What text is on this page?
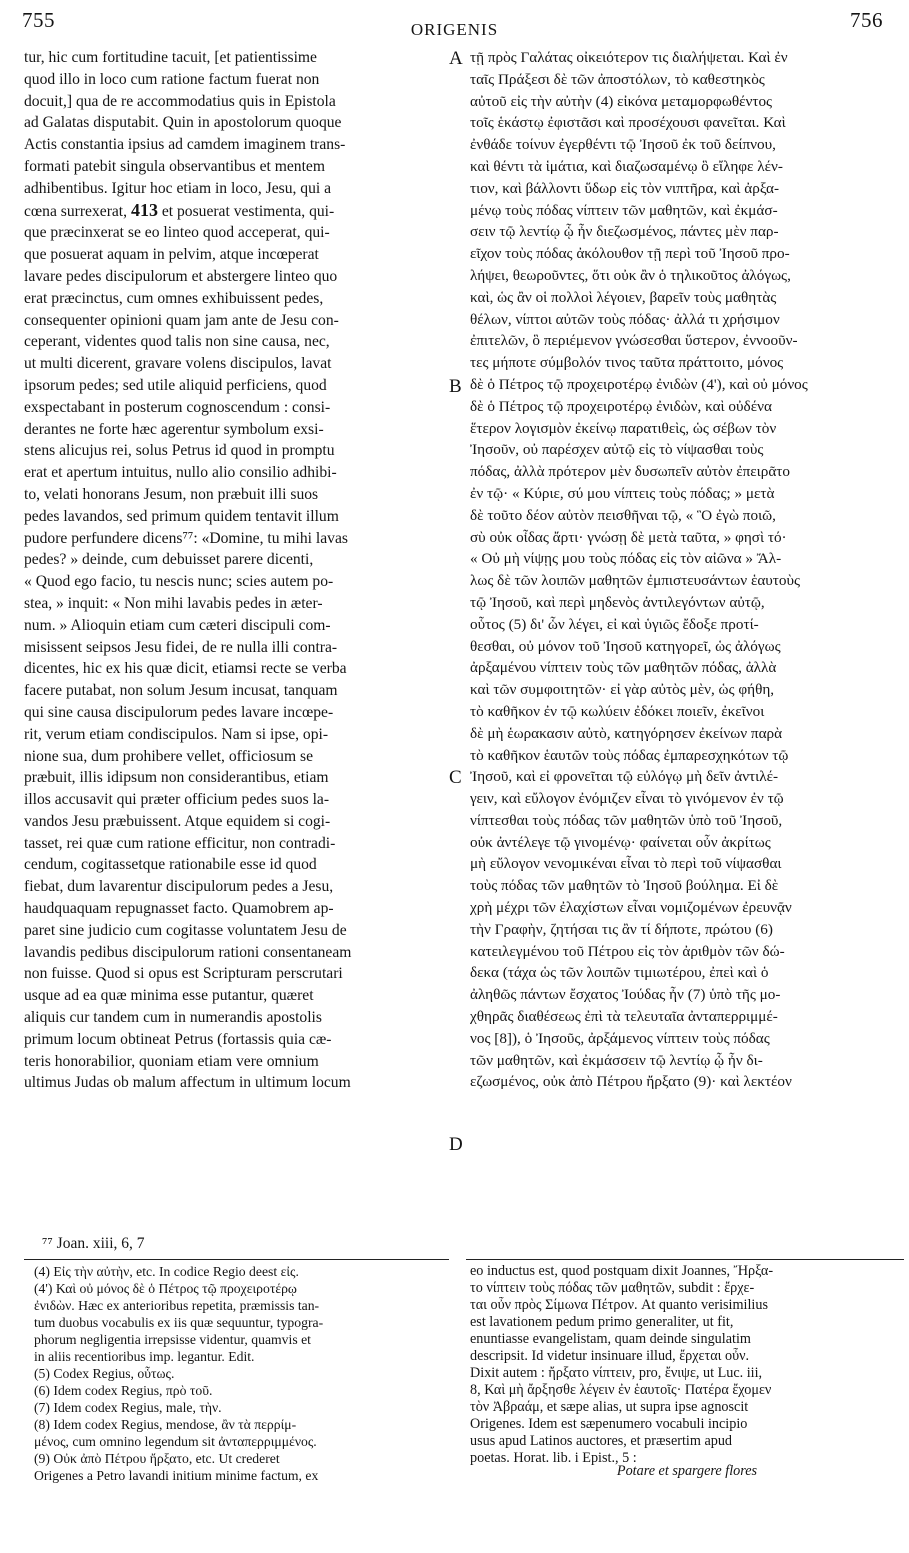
755	ORIGENIS	756
tur, hic cum fortitudine tacuit, [et patientissime
quod illo in loco cum ratione factum fuerat non
docuit,] qua de re accommodatius quis in Epistola
ad Galatas disputabit. Quin in apostolorum quoque
Actis constantia ipsius ad camdem imaginem trans-
formati patebit singula observantibus et mentem
adhibentibus. Igitur hoc etiam in loco, Jesu, qui a
cœna surrexerat, 413 et posuerat vestimenta, qui-
que præcinxerat se eo linteo quod acceperat, qui-
que posuerat aquam in pelvim, atque incœperat
lavare pedes discipulorum et abstergere linteo quo
erat præcinctus, cum omnes exhibuissent pedes,
consequenter opinioni quam jam ante de Jesu con-
ceperant, videntes quod talis non sine causa, nec,
ut multi dicerent, gravare volens discipulos, lavat
ipsorum pedes; sed utile aliquid perficiens, quod
exspectabant in posterum cognoscendum : consi-
derantes ne forte hæc agerentur symbolum exsi-
stens alicujus rei, solus Petrus id quod in promptu
erat et apertum intuitus, nullo alio consilio adhibi-
to, velati honorans Jesum, non præbuit illi suos
pedes lavandos, sed primum quidem tentavit illum
pudore perfundere dicens⁷⁷: «Domine, tu mihi lavas
pedes? » deinde, cum debuisset parere dicenti,
« Quod ego facio, tu nescis nunc; scies autem po-
stea, » inquit: « Non mihi lavabis pedes in æter-
num. » Alioquin etiam cum cæteri discipuli com-
misissent seipsos Jesu fidei, de re nulla illi contra-
dicentes, hic ex his quæ dicit, etiamsi recte se verba
facere putabat, non solum Jesum incusat, tanquam
qui sine causa discipulorum pedes lavare incœpe-
rit, verum etiam condiscipulos. Nam si ipse, opi-
nione sua, dum prohibere vellet, officiosum se
præbuit, illis idipsum non considerantibus, etiam
illos accusavit qui præter officium pedes suos la-
vandos Jesu præbuissent. Atque equidem si cogi-
tasset, rei quæ cum ratione efficitur, non contradi-
cendum, cogitassetque rationabile esse id quod
fiebat, dum lavarentur discipulorum pedes a Jesu,
haudquaquam repugnasset facto. Quamobrem ap-
paret sine judicio cum cogitasse voluntatem Jesu de
lavandis pedibus discipulorum rationi consentaneam
non fuisse. Quod si opus est Scripturam perscrutari
usque ad ea quæ minima esse putantur, quæret
aliquis cur tandem cum in numerandis apostolis
primum locum obtineat Petrus (fortassis quia cæ-
teris honorabilior, quoniam etiam vere omnium
ultimus Judas ob malum affectum in ultimum locum
τῇ πρὸς Γαλάτας οἰκειότερον τις διαλήψεται. Καὶ ἐν
ταῖς Πράξεσι δὲ τῶν ἀποστόλων, τὸ καθεστηκὸς
αὐτοῦ εἰς τὴν αὐτὴν (4) εἰκόνα μεταμορφωθέντος
τοῖς ἑκάστῳ ἐφιστᾶσι καὶ προσέχουσι φανεῖται. Καὶ
ἐνθάδε τοίνυν ἐγερθέντι τῷ Ἰησοῦ ἐκ τοῦ δείπνου,
καὶ θέντι τὰ ἱμάτια, καὶ διαζωσαμένῳ ὃ εἴληφε λέν-
τιον, καὶ βάλλοντι ὕδωρ εἰς τὸν νιπτῆρα, καὶ ἀρξα-
μένῳ τοὺς πόδας νίπτειν τῶν μαθητῶν, καὶ ἐκμάσ-
σειν τῷ λεντίῳ ᾧ ἦν διεζωσμένος, πάντες μὲν παρ-
εῖχον τοὺς πόδας ἀκόλουθον τῇ περὶ τοῦ Ἰησοῦ προ-
λήψει, θεωροῦντες, ὅτι οὐκ ἂν ὁ τηλικοῦτος ἀλόγως,
καὶ, ὡς ἂν οἱ πολλοὶ λέγοιεν, βαρεῖν τοὺς μαθητὰς
θέλων, νίπτοι αὐτῶν τοὺς πόδας· ἀλλά τι χρήσιμον
ἐπιτελῶν, ὃ περιέμενον γνώσεσθαι ὕστερον, ἐννοοῦν-
τες μήποτε σύμβολόν τινος ταῦτα πράττοιτο, μόνος
δὲ ὁ Πέτρος τῷ προχειροτέρῳ ἐνιδὼν (4'), καὶ οὐ μόνος
δὲ ὁ Πέτρος τῷ προχειροτέρῳ ἐνιδὼν, καὶ οὐδένα
ἕτερον λογισμὸν ἐκείνῳ παρατιθεὶς, ὡς σέβων τὸν
Ἰησοῦν, οὐ παρέσχεν αὐτῷ εἰς τὸ νίψασθαι τοὺς
πόδας, ἀλλὰ πρότερον μὲν δυσωπεῖν αὐτὸν ἐπειρᾶτο
ἐν τῷ· « Κύριε, σύ μου νίπτεις τοὺς πόδας; » μετὰ
δὲ τοῦτο δέον αὐτὸν πεισθῆναι τῷ, « Ὃ ἐγὼ ποιῶ,
σὺ οὐκ οἶδας ἄρτι· γνώσῃ δὲ μετὰ ταῦτα, » φησὶ τό·
« Οὐ μὴ νίψῃς μου τοὺς πόδας εἰς τὸν αἰῶνα » Ἄλ-
λως δὲ τῶν λοιπῶν μαθητῶν ἐμπιστευσάντων ἑαυτοὺς
τῷ Ἰησοῦ, καὶ περὶ μηδενὸς ἀντιλεγόντων αὐτῷ,
οὗτος (5) δι' ὧν λέγει, εἰ καὶ ὑγιῶς ἔδοξε προτί-
θεσθαι, οὐ μόνον τοῦ Ἰησοῦ κατηγορεῖ, ὡς ἀλόγως
ἀρξαμένου νίπτειν τοὺς τῶν μαθητῶν πόδας, ἀλλὰ
καὶ τῶν συμφοιτητῶν· εἰ γὰρ αὐτὸς μὲν, ὡς φήθη,
τὸ καθῆκον ἐν τῷ κωλύειν ἐδόκει ποιεῖν, ἐκεῖνοι
δὲ μὴ ἑωρακασιν αὐτὸ, κατηγόρησεν ἐκείνων παρὰ
τὸ καθῆκον ἑαυτῶν τοὺς πόδας ἐμπαρεσχηκότων τῷ
Ἰησοῦ, καὶ εἰ φρονεῖται τῷ εὐλόγῳ μὴ δεῖν ἀντιλέ-
γειν, καὶ εὔλογον ἐνόμιζεν εἶναι τὸ γινόμενον ἐν τῷ
νίπτεσθαι τοὺς πόδας τῶν μαθητῶν ὑπὸ τοῦ Ἰησοῦ,
οὐκ ἀντέλεγε τῷ γινομένῳ· φαίνεται οὖν ἀκρίτως
μὴ εὔλογον νενομικέναι εἶναι τὸ περὶ τοῦ νίψασθαι
τοὺς πόδας τῶν μαθητῶν τὸ Ἰησοῦ βούλημα. Εἰ δὲ
χρὴ μέχρι τῶν ἐλαχίστων εἶναι νομιζομένων ἐρευνᾷν
τὴν Γραφὴν, ζητήσαι τις ἂν τί δήποτε, πρώτου (6)
κατειλεγμένου τοῦ Πέτρου εἰς τὸν ἀριθμὸν τῶν δώ-
δεκα (τάχα ὡς τῶν λοιπῶν τιμιωτέρου, ἐπεὶ καὶ ὁ
ἀληθῶς πάντων ἔσχατος Ἰούδας ἦν (7) ὑπὸ τῆς μο-
χθηρᾶς διαθέσεως ἐπὶ τὰ τελευταῖα ἀνταπερριμμέ-
νος [8]), ὁ Ἰησοῦς, ἀρξάμενος νίπτειν τοὺς πόδας
τῶν μαθητῶν, καὶ ἐκμάσσειν τῷ λεντίῳ ᾧ ἦν δι-
εζωσμένος, οὐκ ἀπὸ Πέτρου ἤρξατο (9)· καὶ λεκτέον
A
B
C
D
⁷⁷ Joan. xiii, 6, 7
(4) Εἰς τὴν αὐτὴν, etc. In codice Regio deest εἰς.
(4') Καὶ οὐ μόνος δὲ ὁ Πέτρος τῷ προχειροτέρῳ
ἐνιδὼν. Hæc ex anterioribus repetita, præmissis tan-
tum duobus vocabulis ex iis quæ sequuntur, typogra-
phorum negligentia irrepsisse videntur, quamvis et
in aliis recentioribus imp. legantur. Edit.
(5) Codex Regius, οὗτως.
(6) Idem codex Regius, πρὸ τοῦ.
(7) Idem codex Regius, male, τὴν.
(8) Idem codex Regius, mendose, ἂν τὰ περρίμ-
μένος, cum omnino legendum sit ἀνταπερριμμένος.
(9) Οὐκ ἀπὸ Πέτρου ἤρξατο, etc. Ut crederet
Origenes a Petro lavandi initium minime factum, ex
eo inductus est, quod postquam dixit Joannes, Ἤρξα-
το νίπτειν τοὺς πόδας τῶν μαθητῶν, subdit : ἔρχε-
ται οὖν πρὸς Σίμωνα Πέτρον. At quanto verisimilius
est lavationem pedum primo generaliter, ut fit,
enuntiasse evangelistam, quam deinde singulatim
descripsit. Id videtur insinuare illud, ἔρχεται οὖν.
Dixit autem : ἤρξατο νίπτειν, pro, ἔνιψε, ut Luc. iii,
8, Καὶ μὴ ἄρξησθε λέγειν ἐν ἑαυτοῖς· Πατέρα ἔχομεν
τὸν Ἀβραάμ, et sæpe alias, ut supra ipse agnoscit
Origenes. Idem est sæpenumero vocabuli incipio
usus apud Latinos auctores, et præsertim apud
poetas. Horat. lib. i Epist., 5 :
Potare et spargere flores
